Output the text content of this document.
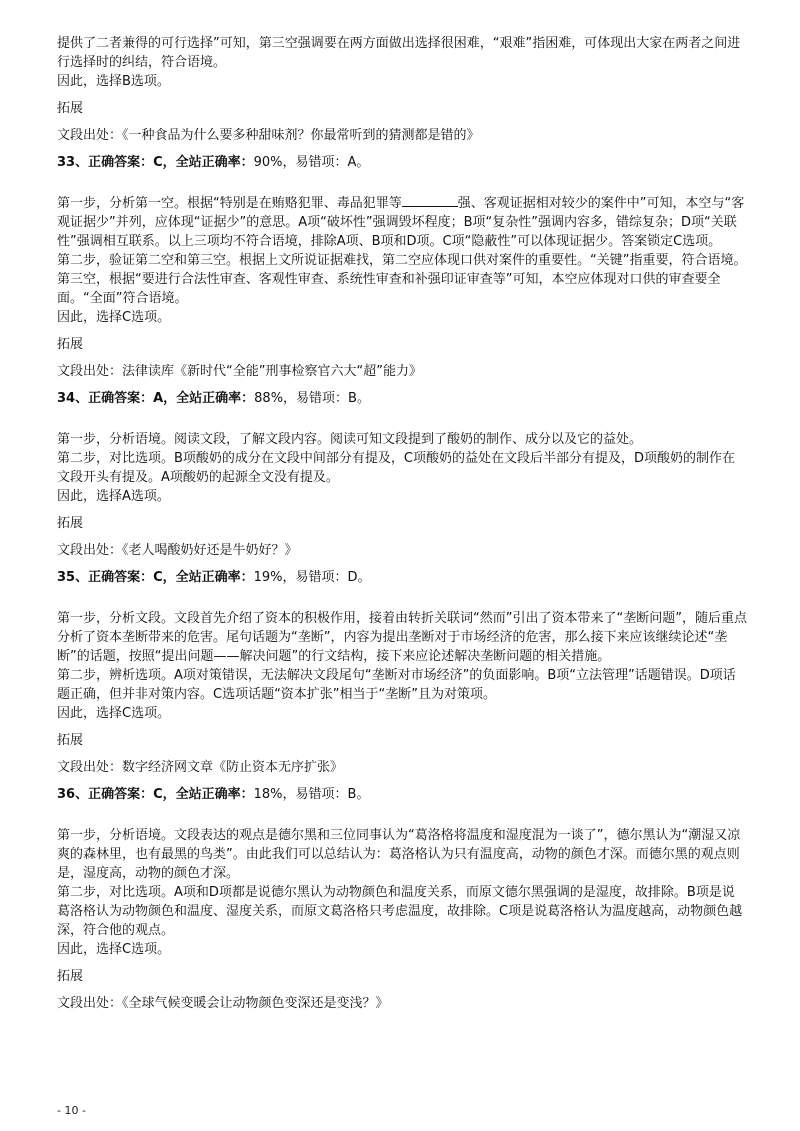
提供了二者兼得的可行选择”可知，第三空强调要在两方面做出选择很困难，“艰难”指困难，可体现出大家在两者之间进行选择时的纠结，符合语境。

因此，选择B选项。

拓展

文段出处：《一种食品为什么要多种甜味剂？你最常听到的猜测都是错的》

33、正确答案：C，全站正确率：90%，易错项：A。

第一步，分析第一空。根据“特别是在贿赂犯罪、毒品犯罪等	强、客观证据相对较少的案件中”可知，本空与“客观证据少”并列，应体现“证据少”的意思。A项“破坏性”强调毁坏程度；B项“复杂性”强调内容多，错综复杂；D项“关联性”强调相互联系。以上三项均不符合语境，排除A项、B项和D项。C项“隐蔽性”可以体现证据少。答案锁定C选项。

第二步，验证第二空和第三空。根据上文所说证据难找，第二空应体现口供对案件的重要性。“关键”指重要，符合语境。第三空，根据“要进行合法性审查、客观性审查、系统性审查和补强印证审查等”可知，本空应体现对口供的审查要全面。“全面”符合语境。

因此，选择C选项。

拓展

文段出处：法律读库《新时代“全能”刑事检察官六大“超”能力》

34、正确答案：A，全站正确率：88%，易错项：B。

第一步，分析语境。阅读文段，了解文段内容。阅读可知文段提到了酸奶的制作、成分以及它的益处。

第二步，对比选项。B项酸奶的成分在文段中间部分有提及，C项酸奶的益处在文段后半部分有提及，D项酸奶的制作在文段开头有提及。A项酸奶的起源全文没有提及。

因此，选择A选项。

拓展

文段出处：《老人喝酸奶好还是牛奶好？》

35、正确答案：C，全站正确率：19%，易错项：D。

第一步，分析文段。文段首先介绍了资本的积极作用，接着由转折关联词“然而”引出了资本带来了“垄断问题”，随后重点分析了资本垄断带来的危害。尾句话题为“垄断”，内容为提出垄断对于市场经济的危害，那么接下来应该继续论述“垄断”的话题，按照“提出问题——解决问题”的行文结构，接下来应论述解决垄断问题的相关措施。

第二步，辨析选项。A项对策错误，无法解决文段尾句“垄断对市场经济”的负面影响。B项“立法管理”话题错误。D项话题正确，但并非对策内容。C选项话题“资本扩张”相当于“垄断”且为对策项。

因此，选择C选项。

拓展

文段出处：数字经济网文章《防止资本无序扩张》

36、正确答案：C，全站正确率：18%，易错项：B。

第一步，分析语境。文段表达的观点是德尔黑和三位同事认为“葛洛格将温度和湿度混为一谈了”，德尔黑认为“潮湿又凉爽的森林里，也有最黑的鸟类”。由此我们可以总结认为：葛洛格认为只有温度高，动物的颜色才深。而德尔黑的观点则是，湿度高，动物的颜色才深。

第二步，对比选项。A项和D项都是说德尔黑认为动物颜色和温度关系，而原文德尔黑强调的是湿度，故排除。B项是说葛洛格认为动物颜色和温度、湿度关系，而原文葛洛格只考虑温度，故排除。C项是说葛洛格认为温度越高，动物颜色越深，符合他的观点。

因此，选择C选项。

拓展

文段出处：《全球气候变暖会让动物颜色变深还是变浅？》

- 10 -
